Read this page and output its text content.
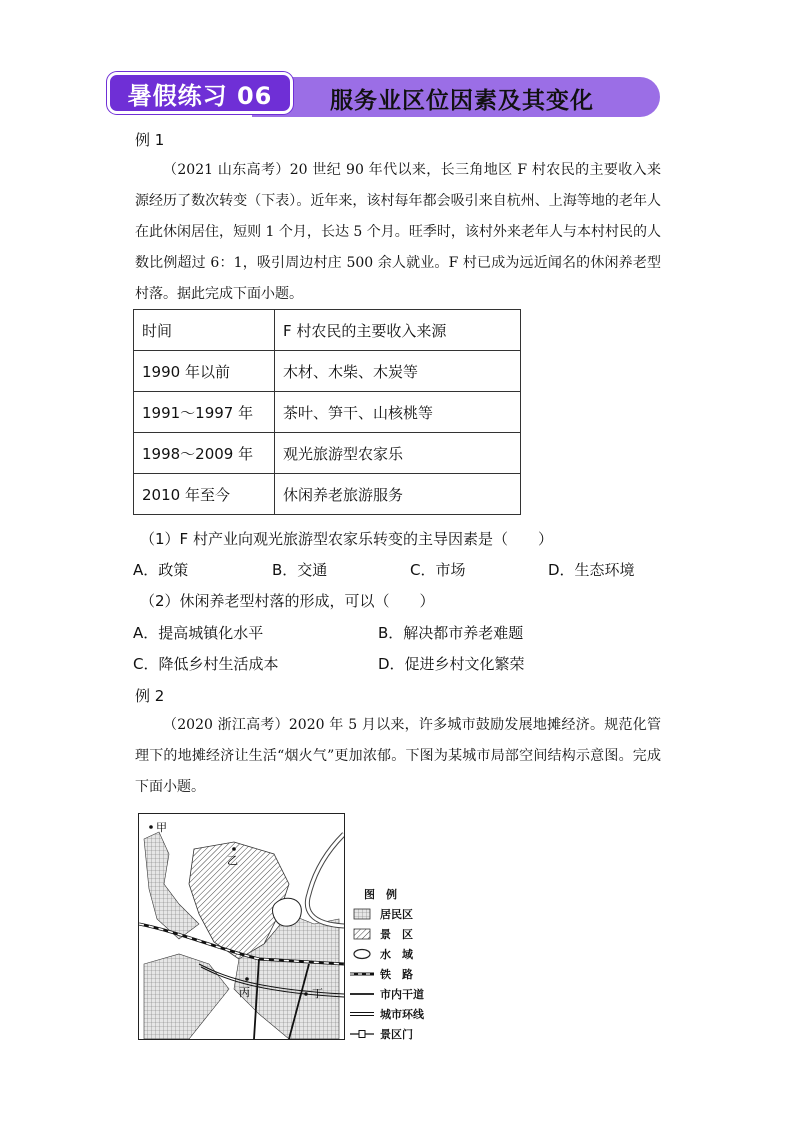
暑假练习 06	服务业区位因素及其变化
例 1
（2021 山东高考）20 世纪 90 年代以来，长三角地区 F 村农民的主要收入来源经历了数次转变（下表）。近年来，该村每年都会吸引来自杭州、上海等地的老年人在此休闲居住，短则 1 个月，长达 5 个月。旺季时，该村外来老年人与本村村民的人数比例超过 6：1，吸引周边村庄 500 余人就业。F 村已成为远近闻名的休闲养老型村落。据此完成下面小题。
时间	F 村农民的主要收入来源
1990 年以前	木材、木柴、木炭等
1991～1997 年	茶叶、笋干、山核桃等
1998～2009 年	观光旅游型农家乐
2010 年至今	休闲养老旅游服务
（1）F 村产业向观光旅游型农家乐转变的主导因素是（　　）
A．政策	B．交通	C．市场	D．生态环境
（2）休闲养老型村落的形成，可以（　　）
A．提高城镇化水平	B．解决都市养老难题
C．降低乡村生活成本	D．促进乡村文化繁荣
例 2
（2020 浙江高考）2020 年 5 月以来，许多城市鼓励发展地摊经济。规范化管理下的地摊经济让生活“烟火气”更加浓郁。下图为某城市局部空间结构示意图。完成下面小题。
甲
乙
丙	丁
图　例
居民区
景　区
水　域
铁　路
市内干道
城市环线
景区门
